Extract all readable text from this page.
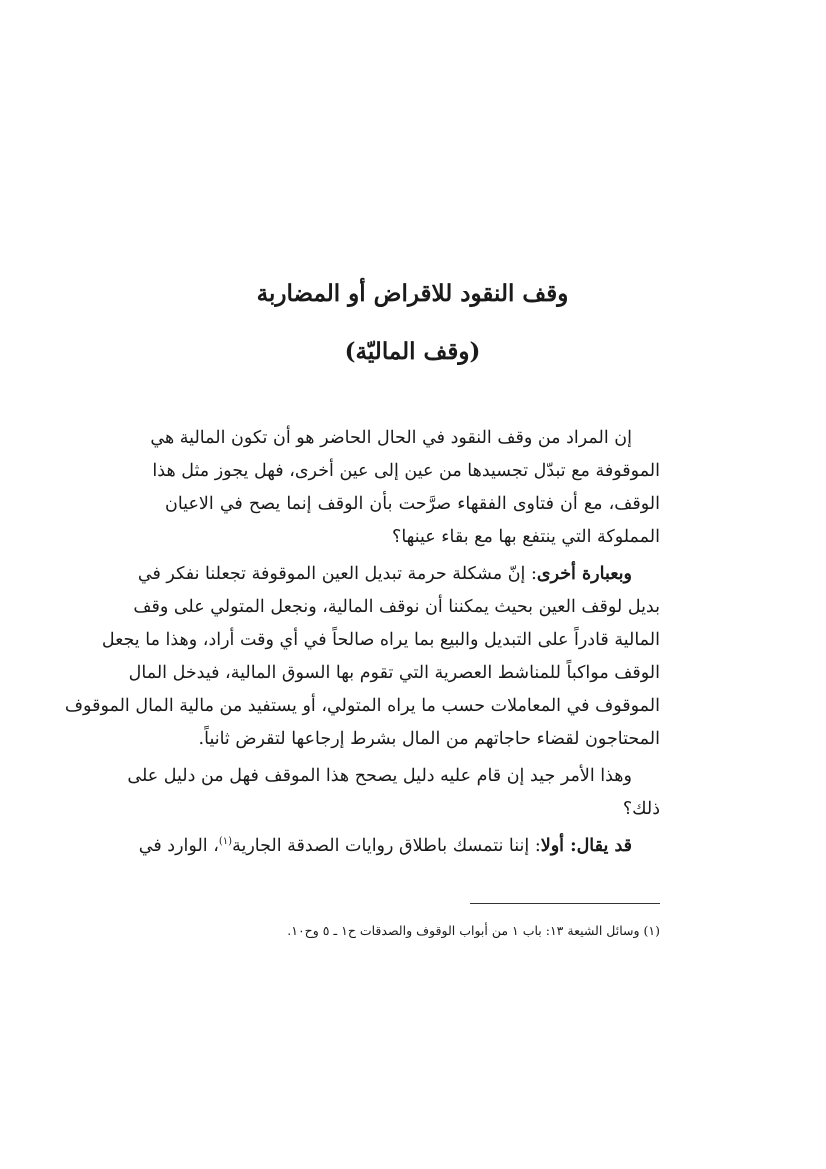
وقف النقود للاقراض أو المضاربة
(وقف الماليّة)
إن المراد من وقف النقود في الحال الحاضر هو أن تكون المالية هي
الموقوفة مع تبدّل تجسيدها من عين إلى عين أخرى، فهل يجوز مثل هذا
الوقف، مع أن فتاوى الفقهاء صرَّحت بأن الوقف إنما يصح في الاعيان
المملوكة التي ينتفع بها مع بقاء عينها؟
وبعبارة أخرى: إنّ مشكلة حرمة تبديل العين الموقوفة تجعلنا نفكر في
بديل لوقف العين بحيث يمكننا أن نوقف المالية، ونجعل المتولي على وقف
المالية قادراً على التبديل والبيع بما يراه صالحاً في أي وقت أراد، وهذا ما يجعل
الوقف مواكباً للمناشط العصرية التي تقوم بها السوق المالية، فيدخل المال
الموقوف في المعاملات حسب ما يراه المتولي، أو يستفيد من مالية المال الموقوف
المحتاجون لقضاء حاجاتهم من المال بشرط إرجاعها لتقرض ثانياً.
وهذا الأمر جيد إن قام عليه دليل يصحح هذا الموقف فهل من دليل على
ذلك؟
قد يقال: أولا: إننا نتمسك باطلاق روايات الصدقة الجارية$^{(١)}$، الوارد في
(١) وسائل الشيعة ١٣: باب ١ من أبواب الوقوف والصدقات ح١ ـ ٥ وح١٠.
